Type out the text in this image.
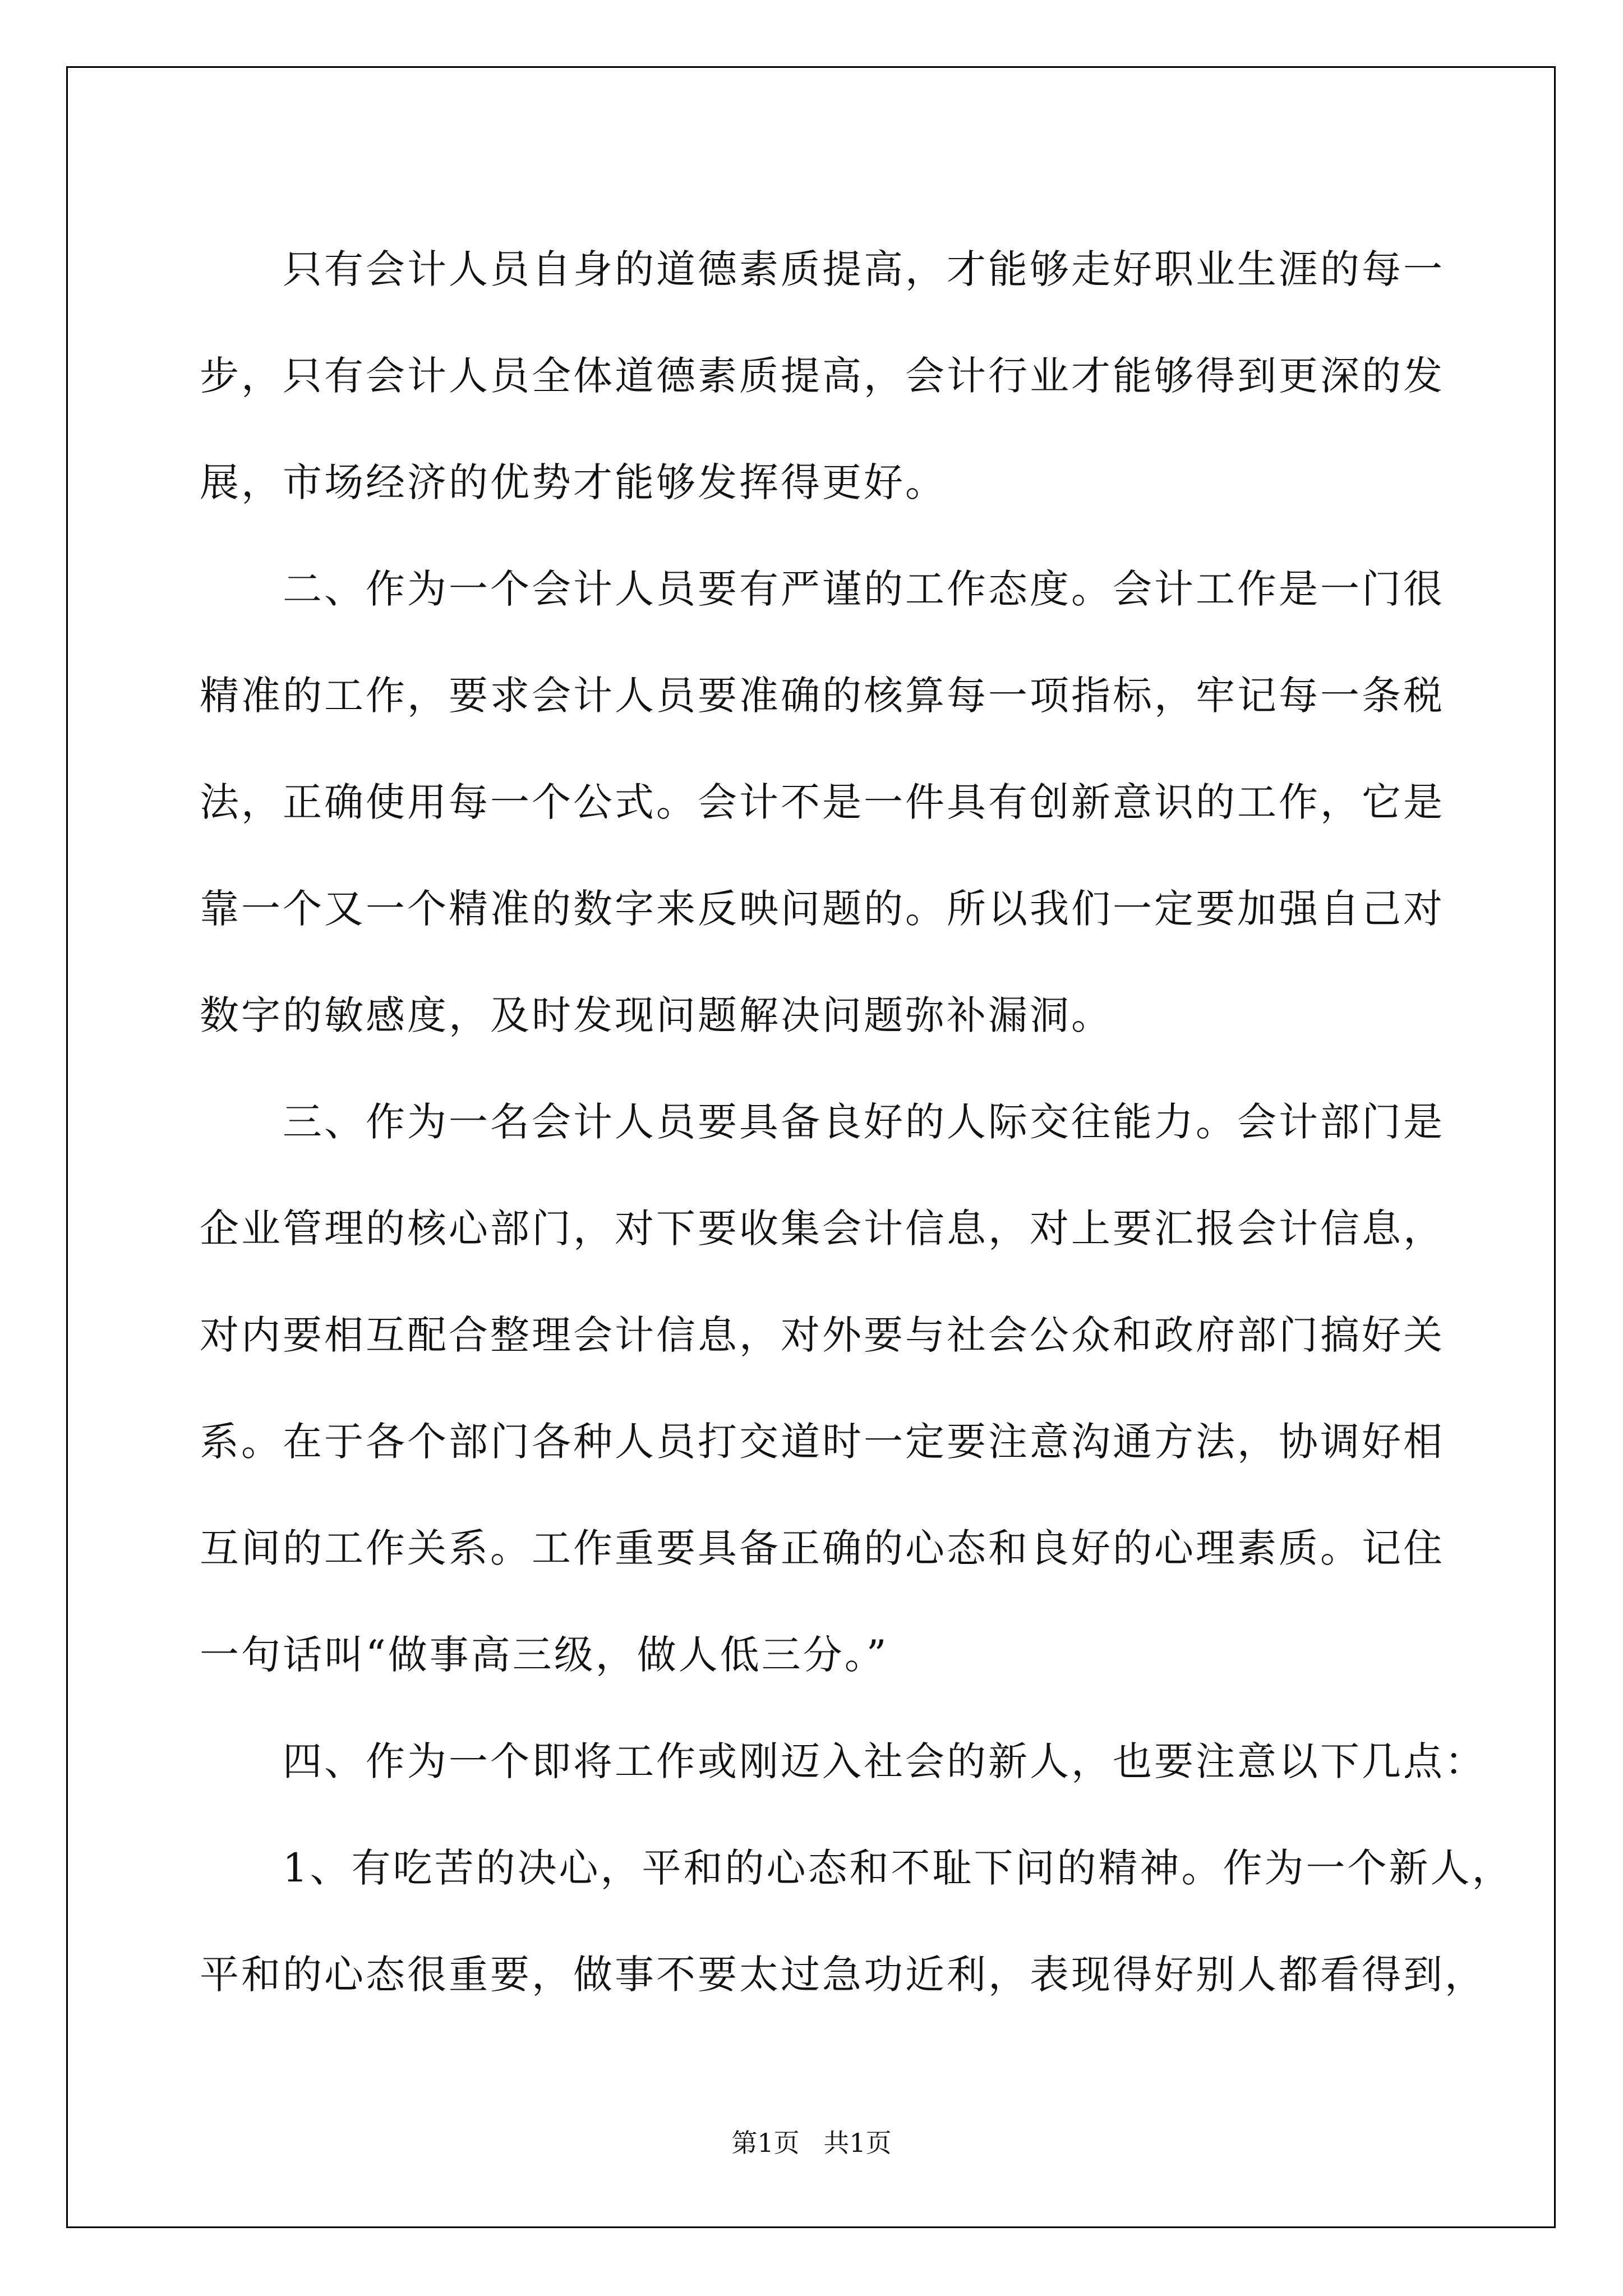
　　只有会计人员自身的道德素质提高，才能够走好职业生涯的每一
步，只有会计人员全体道德素质提高，会计行业才能够得到更深的发
展，市场经济的优势才能够发挥得更好。
　　二、作为一个会计人员要有严谨的工作态度。会计工作是一门很
精准的工作，要求会计人员要准确的核算每一项指标，牢记每一条税
法，正确使用每一个公式。会计不是一件具有创新意识的工作，它是
靠一个又一个精准的数字来反映问题的。所以我们一定要加强自己对
数字的敏感度，及时发现问题解决问题弥补漏洞。
　　三、作为一名会计人员要具备良好的人际交往能力。会计部门是
企业管理的核心部门，对下要收集会计信息，对上要汇报会计信息，
对内要相互配合整理会计信息，对外要与社会公众和政府部门搞好关
系。在于各个部门各种人员打交道时一定要注意沟通方法，协调好相
互间的工作关系。工作重要具备正确的心态和良好的心理素质。记住
一句话叫“做事高三级，做人低三分。”
　　四、作为一个即将工作或刚迈入社会的新人，也要注意以下几点：
　　1、有吃苦的决心，平和的心态和不耻下问的精神。作为一个新人，
平和的心态很重要，做事不要太过急功近利，表现得好别人都看得到，
第1页 共1页
